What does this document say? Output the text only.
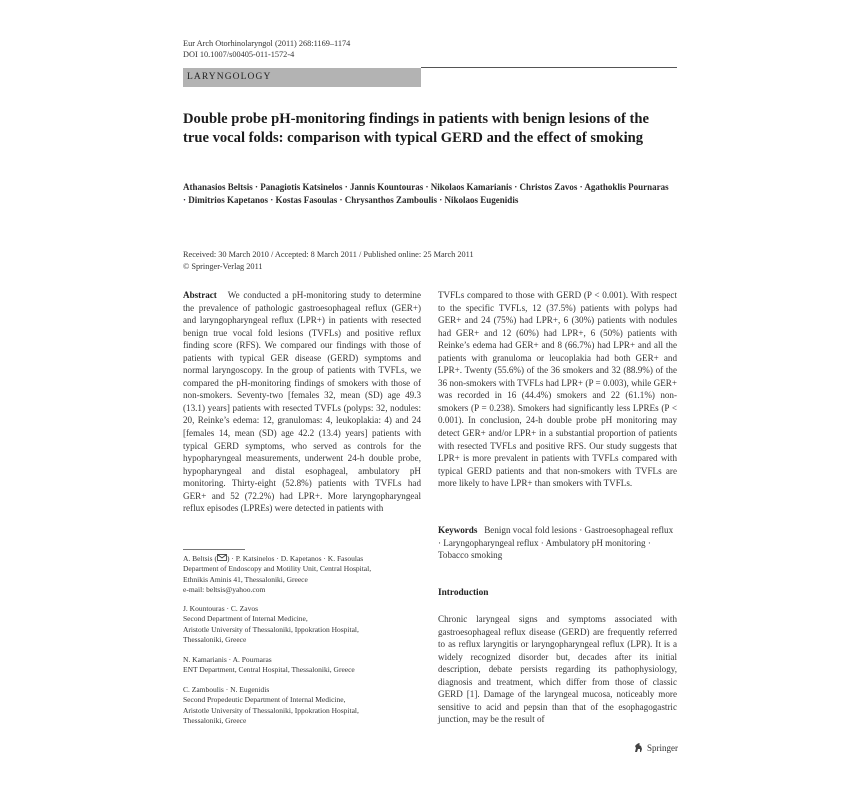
Eur Arch Otorhinolaryngol (2011) 268:1169–1174
DOI 10.1007/s00405-011-1572-4
LARYNGOLOGY
Double probe pH-monitoring findings in patients with benign lesions of the true vocal folds: comparison with typical GERD and the effect of smoking
Athanasios Beltsis · Panagiotis Katsinelos · Jannis Kountouras · Nikolaos Kamarianis · Christos Zavos · Agathoklis Pournaras · Dimitrios Kapetanos · Kostas Fasoulas · Chrysanthos Zamboulis · Nikolaos Eugenidis
Received: 30 March 2010 / Accepted: 8 March 2011 / Published online: 25 March 2011
© Springer-Verlag 2011
Abstract We conducted a pH-monitoring study to determine the prevalence of pathologic gastroesophageal reflux (GER+) and laryngopharyngeal reflux (LPR+) in patients with resected benign true vocal fold lesions (TVFLs) and positive reflux finding score (RFS). We compared our findings with those of patients with typical GER disease (GERD) symptoms and normal laryngoscopy. In the group of patients with TVFLs, we compared the pH-monitoring findings of smokers with those of non-smokers. Seventy-two [females 32, mean (SD) age 49.3 (13.1) years] patients with resected TVFLs (polyps: 32, nodules: 20, Reinke’s edema: 12, granulomas: 4, leukoplakia: 4) and 24 [females 14, mean (SD) age 42.2 (13.4) years] patients with typical GERD symptoms, who served as controls for the hypopharyngeal measurements, underwent 24-h double probe, hypopharyngeal and distal esophageal, ambulatory pH monitoring. Thirty-eight (52.8%) patients with TVFLs had GER+ and 52 (72.2%) had LPR+. More laryngopharyngeal reflux episodes (LPREs) were detected in patients with
TVFLs compared to those with GERD (P < 0.001). With respect to the specific TVFLs, 12 (37.5%) patients with polyps had GER+ and 24 (75%) had LPR+, 6 (30%) patients with nodules had GER+ and 12 (60%) had LPR+, 6 (50%) patients with Reinke’s edema had GER+ and 8 (66.7%) had LPR+ and all the patients with granuloma or leucoplakia had both GER+ and LPR+. Twenty (55.6%) of the 36 smokers and 32 (88.9%) of the 36 non-smokers with TVFLs had LPR+ (P = 0.003), while GER+ was recorded in 16 (44.4%) smokers and 22 (61.1%) non-smokers (P = 0.238). Smokers had significantly less LPREs (P < 0.001). In conclusion, 24-h double probe pH monitoring may detect GER+ and/or LPR+ in a substantial proportion of patients with resected TVFLs and positive RFS. Our study suggests that LPR+ is more prevalent in patients with TVFLs compared with typical GERD patients and that non-smokers with TVFLs are more likely to have LPR+ than smokers with TVFLs.
Keywords Benign vocal fold lesions · Gastroesophageal reflux · Laryngopharyngeal reflux · Ambulatory pH monitoring · Tobacco smoking
A. Beltsis ( ) · P. Katsinelos · D. Kapetanos · K. Fasoulas
Department of Endoscopy and Motility Unit, Central Hospital,
Ethnikis Aminis 41, Thessaloniki, Greece
e-mail: beltsis@yahoo.com
J. Kountouras · C. Zavos
Second Department of Internal Medicine,
Aristotle University of Thessaloniki, Ippokration Hospital,
Thessaloniki, Greece
N. Kamarianis · A. Pournaras
ENT Department, Central Hospital, Thessaloniki, Greece
C. Zamboulis · N. Eugenidis
Second Propedeutic Department of Internal Medicine,
Aristotle University of Thessaloniki, Ippokration Hospital,
Thessaloniki, Greece
Introduction
Chronic laryngeal signs and symptoms associated with gastroesophageal reflux disease (GERD) are frequently referred to as reflux laryngitis or laryngopharyngeal reflux (LPR). It is a widely recognized disorder but, decades after its initial description, debate persists regarding its pathophysiology, diagnosis and treatment, which differ from those of classic GERD [1]. Damage of the laryngeal mucosa, noticeably more sensitive to acid and pepsin than that of the esophagogastric junction, may be the result of
Springer
